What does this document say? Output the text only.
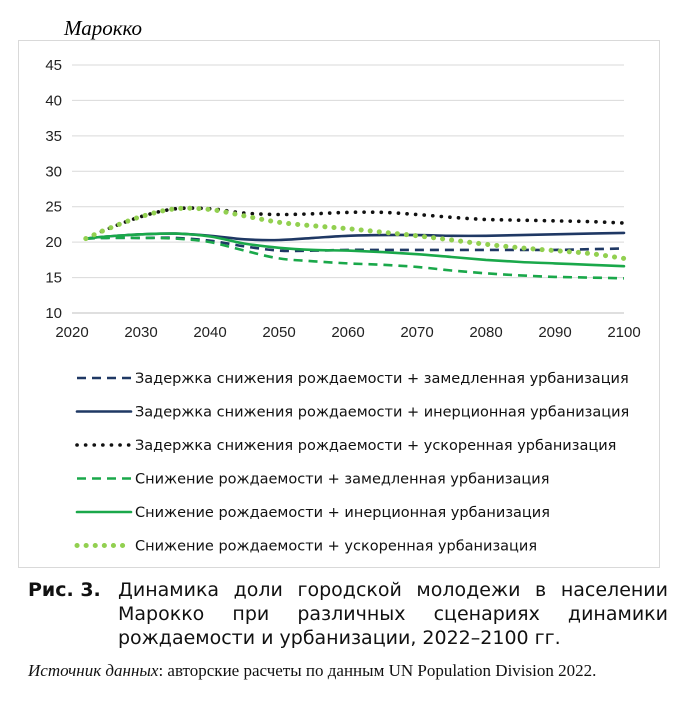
Марокко
10
15
20
25
30
35
40
45
2020 2030 2040 2050 2060 2070 2080 2090 2100
Задержка снижения рождаемости + замедленная урбанизация
Задержка снижения рождаемости + инерционная урбанизация
Задержка снижения рождаемости + ускоренная урбанизация
Снижение рождаемости + замедленная урбанизация
Снижение рождаемости + инерционная урбанизация
Снижение рождаемости + ускоренная урбанизация
Рис. 3. Динамика доли городской молодежи в населении Марокко при различных сценариях динамики рождаемости и урбанизации, 2022–2100 гг.
Источник данных: авторские расчеты по данным UN Population Division 2022.
